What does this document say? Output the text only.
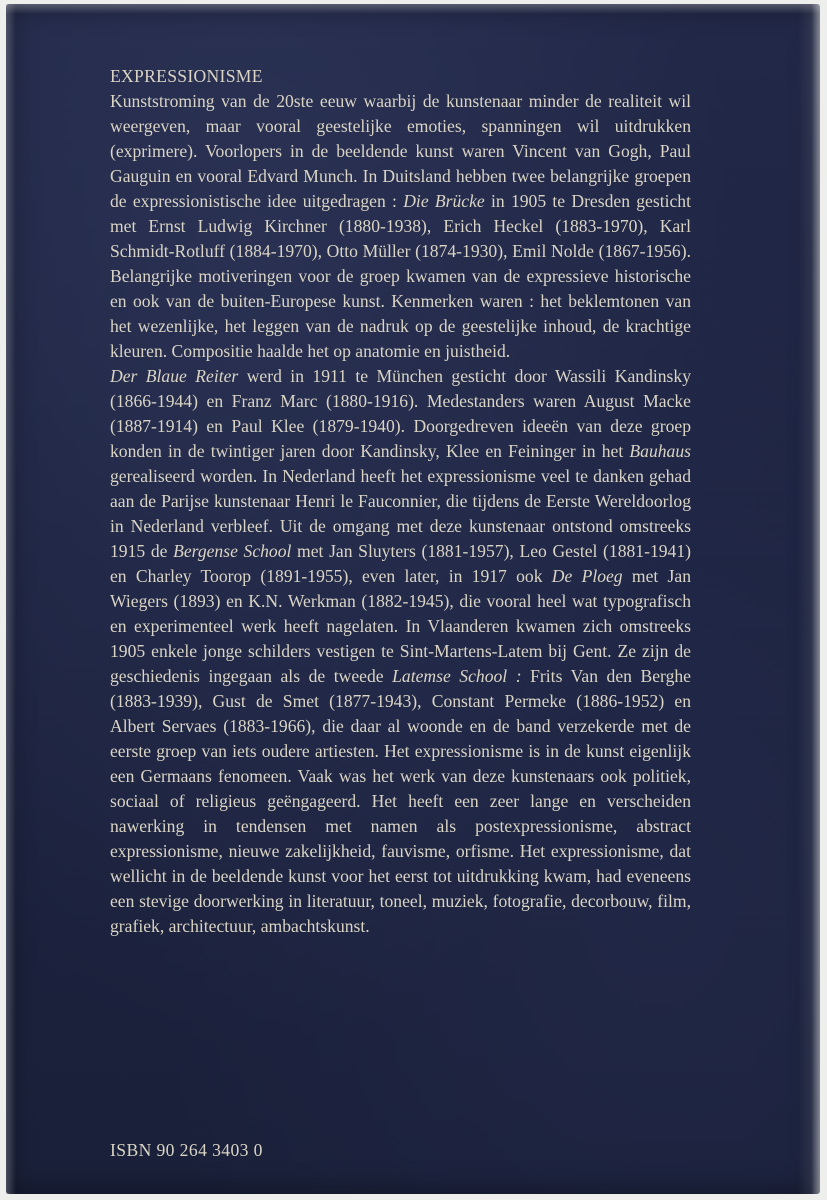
EXPRESSIONISME

Kunststroming van de 20ste eeuw waarbij de kunstenaar minder de realiteit wil weergeven, maar vooral geestelijke emoties, spanningen wil uitdrukken (exprimere). Voorlopers in de beeldende kunst waren Vincent van Gogh, Paul Gauguin en vooral Edvard Munch. In Duitsland hebben twee belangrijke groepen de expressionistische idee uitgedragen : Die Brücke in 1905 te Dresden gesticht met Ernst Ludwig Kirchner (1880-1938), Erich Heckel (1883-1970), Karl Schmidt-Rotluff (1884-1970), Otto Müller (1874-1930), Emil Nolde (1867-1956). Belangrijke motiveringen voor de groep kwamen van de expressieve historische en ook van de buiten-Europese kunst. Kenmerken waren : het beklemtonen van het wezenlijke, het leggen van de nadruk op de geestelijke inhoud, de krachtige kleuren. Compositie haalde het op anatomie en juistheid.

Der Blaue Reiter werd in 1911 te München gesticht door Wassili Kandinsky (1866-1944) en Franz Marc (1880-1916). Medestanders waren August Macke (1887-1914) en Paul Klee (1879-1940). Doorgedreven ideeën van deze groep konden in de twintiger jaren door Kandinsky, Klee en Feininger in het Bauhaus gerealiseerd worden. In Nederland heeft het expressionisme veel te danken gehad aan de Parijse kunstenaar Henri le Fauconnier, die tijdens de Eerste Wereldoorlog in Nederland verbleef. Uit de omgang met deze kunstenaar ontstond omstreeks 1915 de Bergense School met Jan Sluyters (1881-1957), Leo Gestel (1881-1941) en Charley Toorop (1891-1955), even later, in 1917 ook De Ploeg met Jan Wiegers (1893) en K.N. Werkman (1882-1945), die vooral heel wat typografisch en experimenteel werk heeft nagelaten. In Vlaanderen kwamen zich omstreeks 1905 enkele jonge schilders vestigen te Sint-Martens-Latem bij Gent. Ze zijn de geschiedenis ingegaan als de tweede Latemse School : Frits Van den Berghe (1883-1939), Gust de Smet (1877-1943), Constant Permeke (1886-1952) en Albert Servaes (1883-1966), die daar al woonde en de band verzekerde met de eerste groep van iets oudere artiesten. Het expressionisme is in de kunst eigenlijk een Germaans fenomeen. Vaak was het werk van deze kunstenaars ook politiek, sociaal of religieus geëngageerd. Het heeft een zeer lange en verscheiden nawerking in tendensen met namen als postexpressionisme, abstract expressionisme, nieuwe zakelijkheid, fauvisme, orfisme. Het expressionisme, dat wellicht in de beeldende kunst voor het eerst tot uitdrukking kwam, had eveneens een stevige doorwerking in literatuur, toneel, muziek, fotografie, decorbouw, film, grafiek, architectuur, ambachtskunst.

ISBN 90 264 3403 0
